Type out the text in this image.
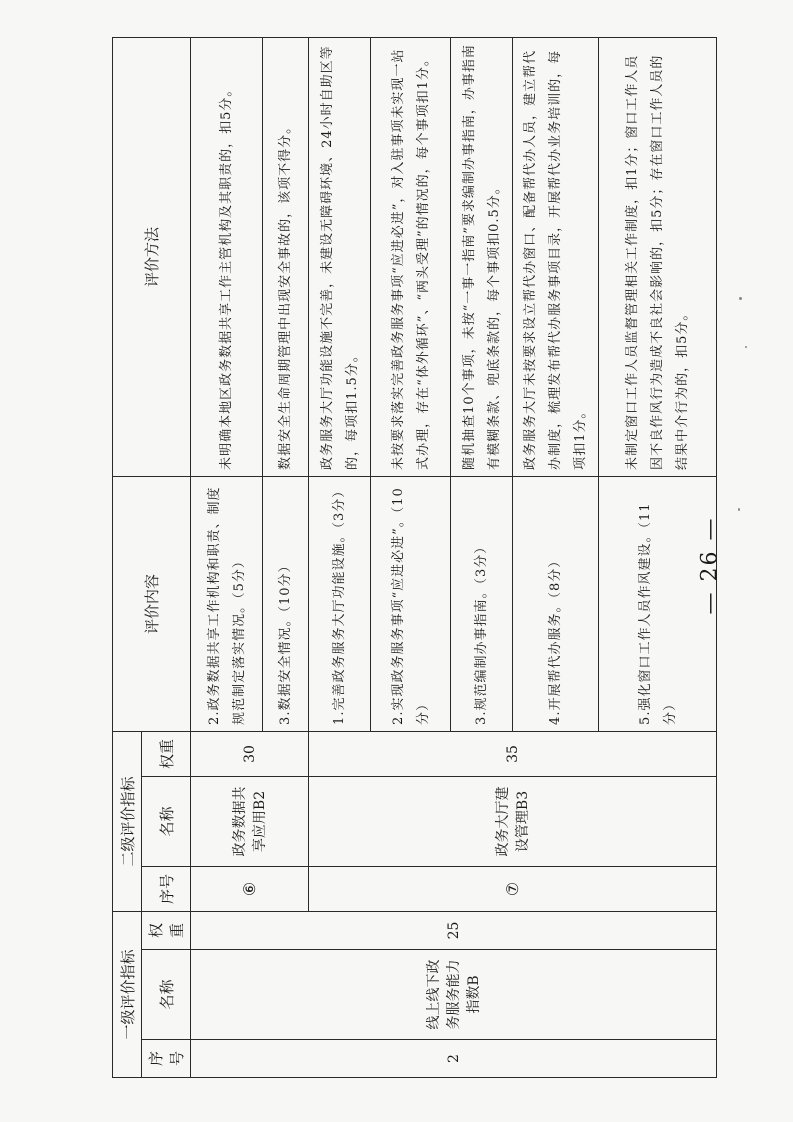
一级评价指标			二级评价指标			评价内容	评价方法
序号	名称	权重	序号	名称	权重		
2	线上线下政务服务能力指数B	25	⑥	政务数据共享应用B2	30	2.政务数据共享工作机构和职责、制度规范制定落实情况。（5分）	未明确本地区政务数据共享工作主管机构及其职责的，扣5分。
						3.数据安全情况。（10分）	数据安全生命周期管理中出现安全事故的，该项不得分。
			⑦	政务大厅建设管理B3	35	1.完善政务服务大厅功能设施。（3分）	政务服务大厅功能设施不完善，未建设无障碍环境、24小时自助区等的，每项扣1.5分。
						2.实现政务服务事项“应进必进”。（10分）	未按要求落实完善政务服务事项“应进必进”，对入驻事项未实现一站式办理，存在“体外循环”、“两头受理”的情况的，每个事项扣1分。
						3.规范编制办事指南。（3分）	随机抽查10个事项，未按“一事一指南”要求编制办事指南，办事指南有模糊条款、兜底条款的，每个事项扣0.5分。
						4.开展帮代办服务。（8分）	政务服务大厅未按要求设立帮代办窗口、配备帮代办人员，建立帮代办制度，梳理发布帮代办服务事项目录，开展帮代办业务培训的，每项扣1分。
						5.强化窗口工作人员作风建设。（11分）	未制定窗口工作人员监督管理相关工作制度，扣1分；窗口工作人员因不良作风行为造成不良社会影响的，扣5分；存在窗口工作人员的结果中介行为的，扣5分。
— 26 —
